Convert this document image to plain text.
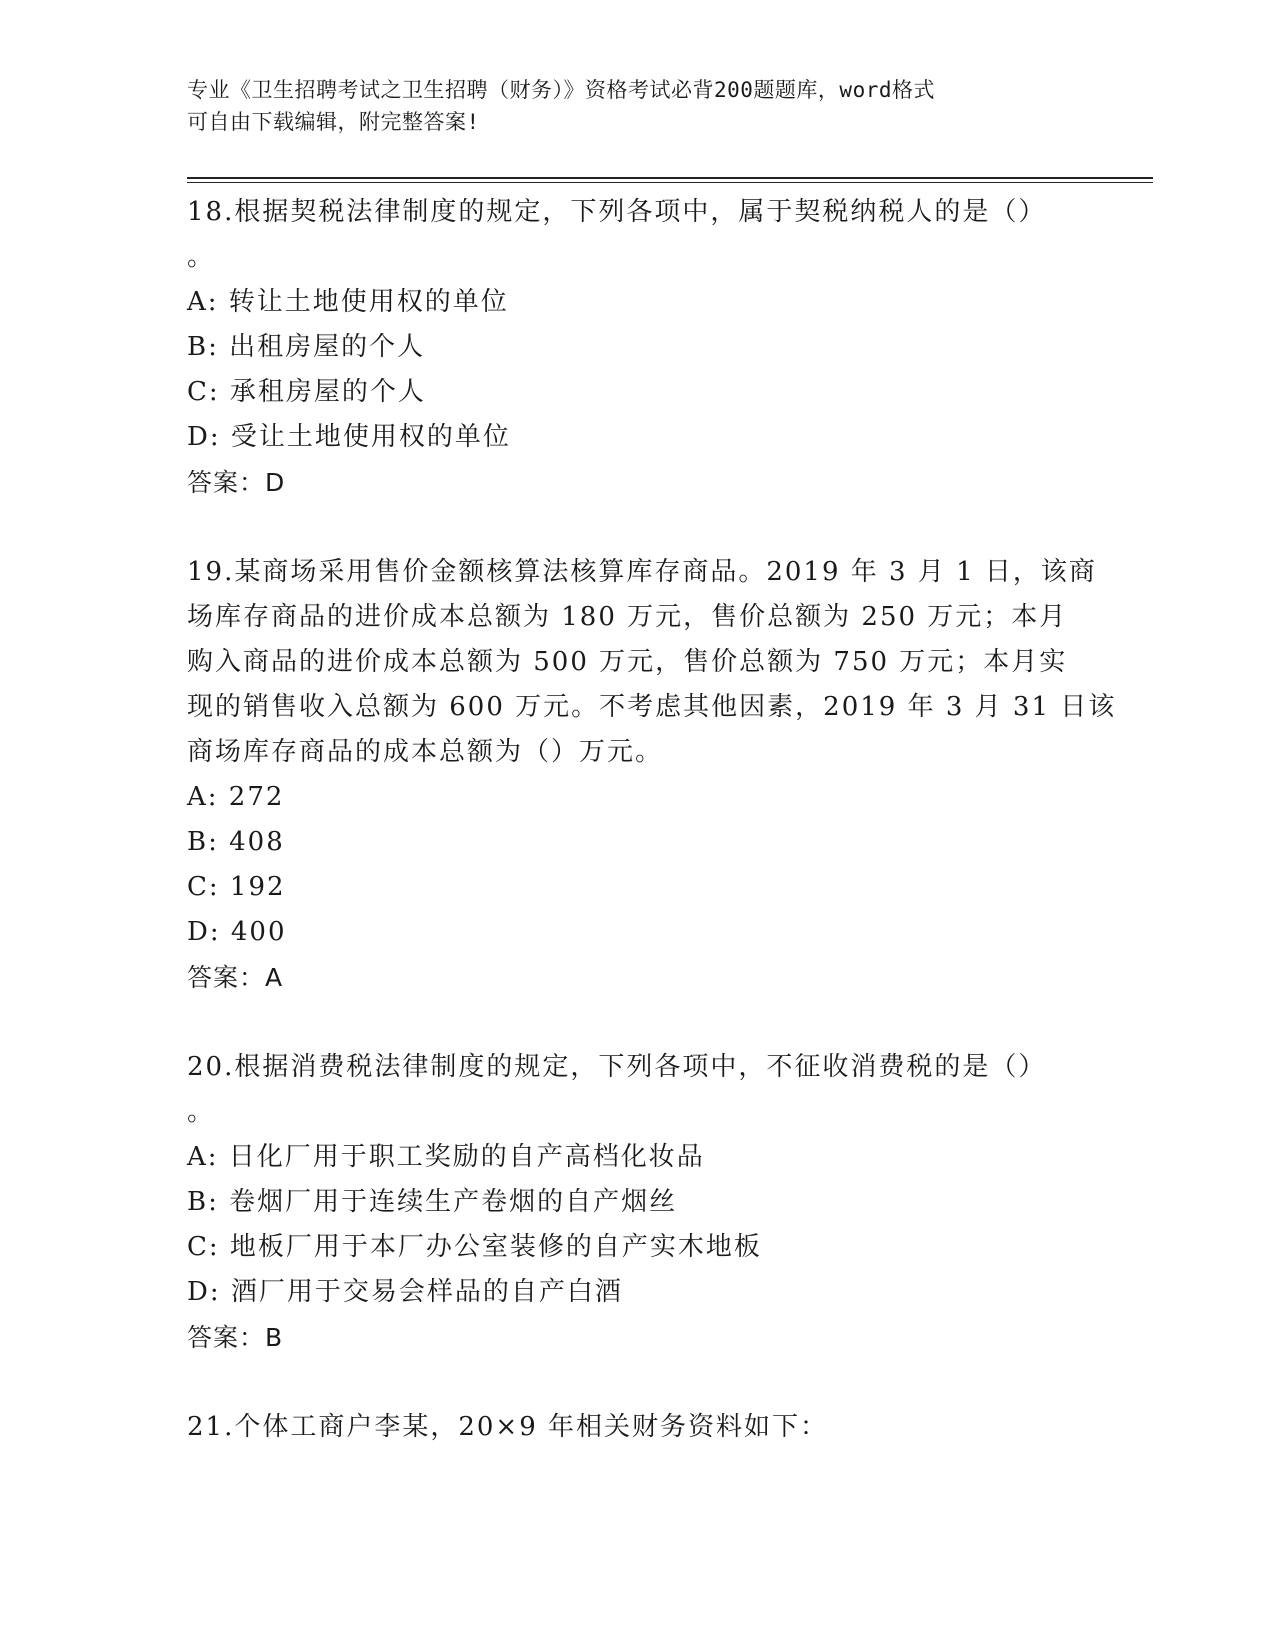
专业《卫生招聘考试之卫生招聘（财务）》资格考试必背200题题库，word格式
可自由下载编辑，附完整答案!
18.根据契税法律制度的规定，下列各项中，属于契税纳税人的是（）
。
A: 转让土地使用权的单位
B: 出租房屋的个人
C: 承租房屋的个人
D: 受让土地使用权的单位
答案：D
19.某商场采用售价金额核算法核算库存商品。2019 年 3 月 1 日，该商
场库存商品的进价成本总额为 180 万元，售价总额为 250 万元；本月
购入商品的进价成本总额为 500 万元，售价总额为 750 万元；本月实
现的销售收入总额为 600 万元。不考虑其他因素，2019 年 3 月 31 日该
商场库存商品的成本总额为（）万元。
A: 272
B: 408
C: 192
D: 400
答案：A
20.根据消费税法律制度的规定，下列各项中，不征收消费税的是（）
。
A: 日化厂用于职工奖励的自产高档化妆品
B: 卷烟厂用于连续生产卷烟的自产烟丝
C: 地板厂用于本厂办公室装修的自产实木地板
D: 酒厂用于交易会样品的自产白酒
答案：B
21.个体工商户李某，20×9 年相关财务资料如下：
